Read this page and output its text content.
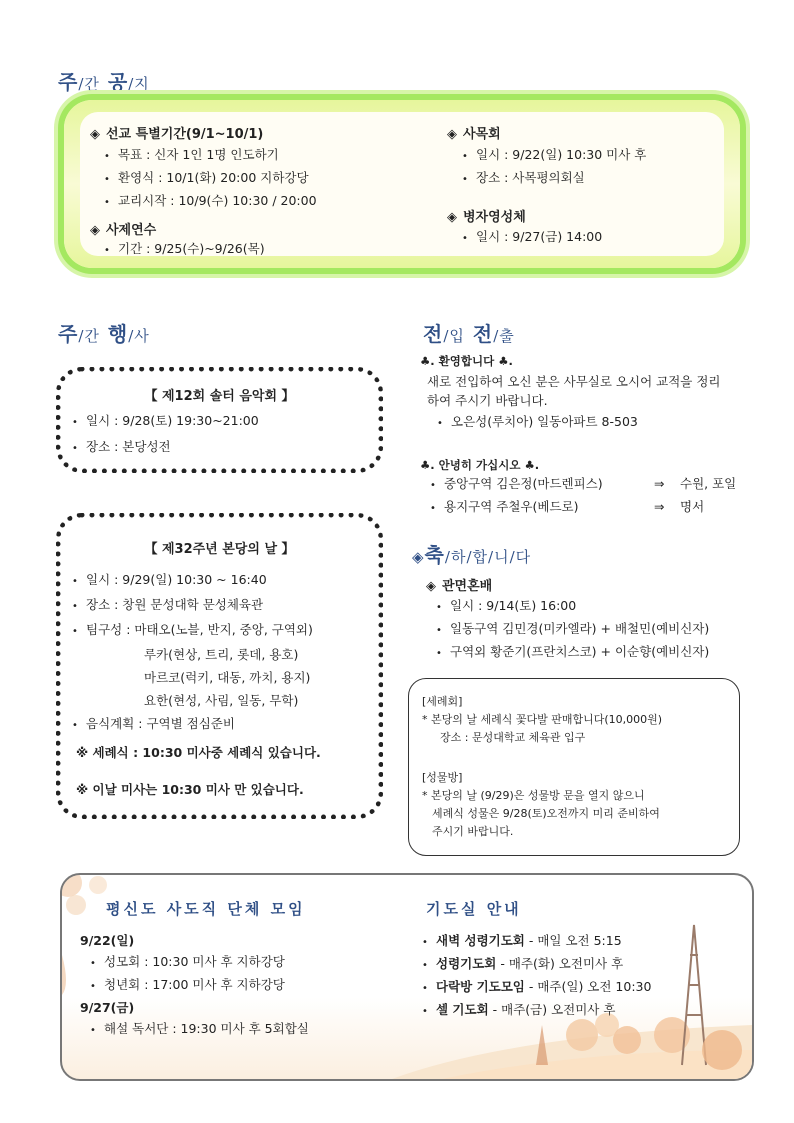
주/간 공/지
◈ 선교 특별기간(9/1~10/1)
• 목표 : 신자 1인 1명 인도하기
• 환영식 : 10/1(화) 20:00 지하강당
• 교리시작 : 10/9(수) 10:30 / 20:00
◈ 사제연수
• 기간 : 9/25(수)~9/26(목)
◈ 사목회
• 일시 : 9/22(일) 10:30 미사 후
• 장소 : 사목평의회실
◈ 병자영성체
• 일시 : 9/27(금) 14:00
주/간 행/사
【 제12회 솔터 음악회 】
• 일시 : 9/28(토) 19:30~21:00
• 장소 : 본당성전
【 제32주년 본당의 날 】
• 일시 : 9/29(일) 10:30 ~ 16:40
• 장소 : 창원 문성대학 문성체육관
• 팀구성 : 마태오(노블, 반지, 중앙, 구역외)
루카(현상, 트리, 롯데, 용호)
마르코(럭키, 대동, 까치, 용지)
요한(현성, 사림, 일동, 무학)
• 음식계획 : 구역별 점심준비
※ 세례식 : 10:30 미사중 세례식 있습니다.
※ 이날 미사는 10:30 미사 만 있습니다.
전/입 전/출
♣. 환영합니다 ♣.
새로 전입하여 오신 분은 사무실로 오시어 교적을 정리
하여 주시기 바랍니다.
• 오은성(루치아) 일동아파트 8-503
♣. 안녕히 가십시오 ♣.
• 중앙구역 김은정(마드렌피스)	⇒ 수원, 포일
• 용지구역 주철우(베드로)	⇒ 명서
◈축/하/합/니/다
◈ 관면혼배
• 일시 : 9/14(토) 16:00
• 일동구역 김민경(미카엘라) + 배철민(예비신자)
• 구역외 황준기(프란치스코) + 이순향(예비신자)
[세례회]
* 본당의 날 세례식 꽃다발 판매합니다(10,000원)
장소 : 문성대학교 체육관 입구
[성물방]
* 본당의 날 (9/29)은 성물방 문을 열지 않으니
세례식 성물은 9/28(토)오전까지 미리 준비하여
주시기 바랍니다.
평신도 사도직 단체 모임
9/22(일)
• 성모회 : 10:30 미사 후 지하강당
• 청년회 : 17:00 미사 후 지하강당
9/27(금)
• 해설 독서단 : 19:30 미사 후 5회합실
기도실 안내
• 새벽 성령기도회 - 매일 오전 5:15
• 성령기도회 - 매주(화) 오전미사 후
• 다락방 기도모임 - 매주(일) 오전 10:30
• 셀 기도회 - 매주(금) 오전미사 후
